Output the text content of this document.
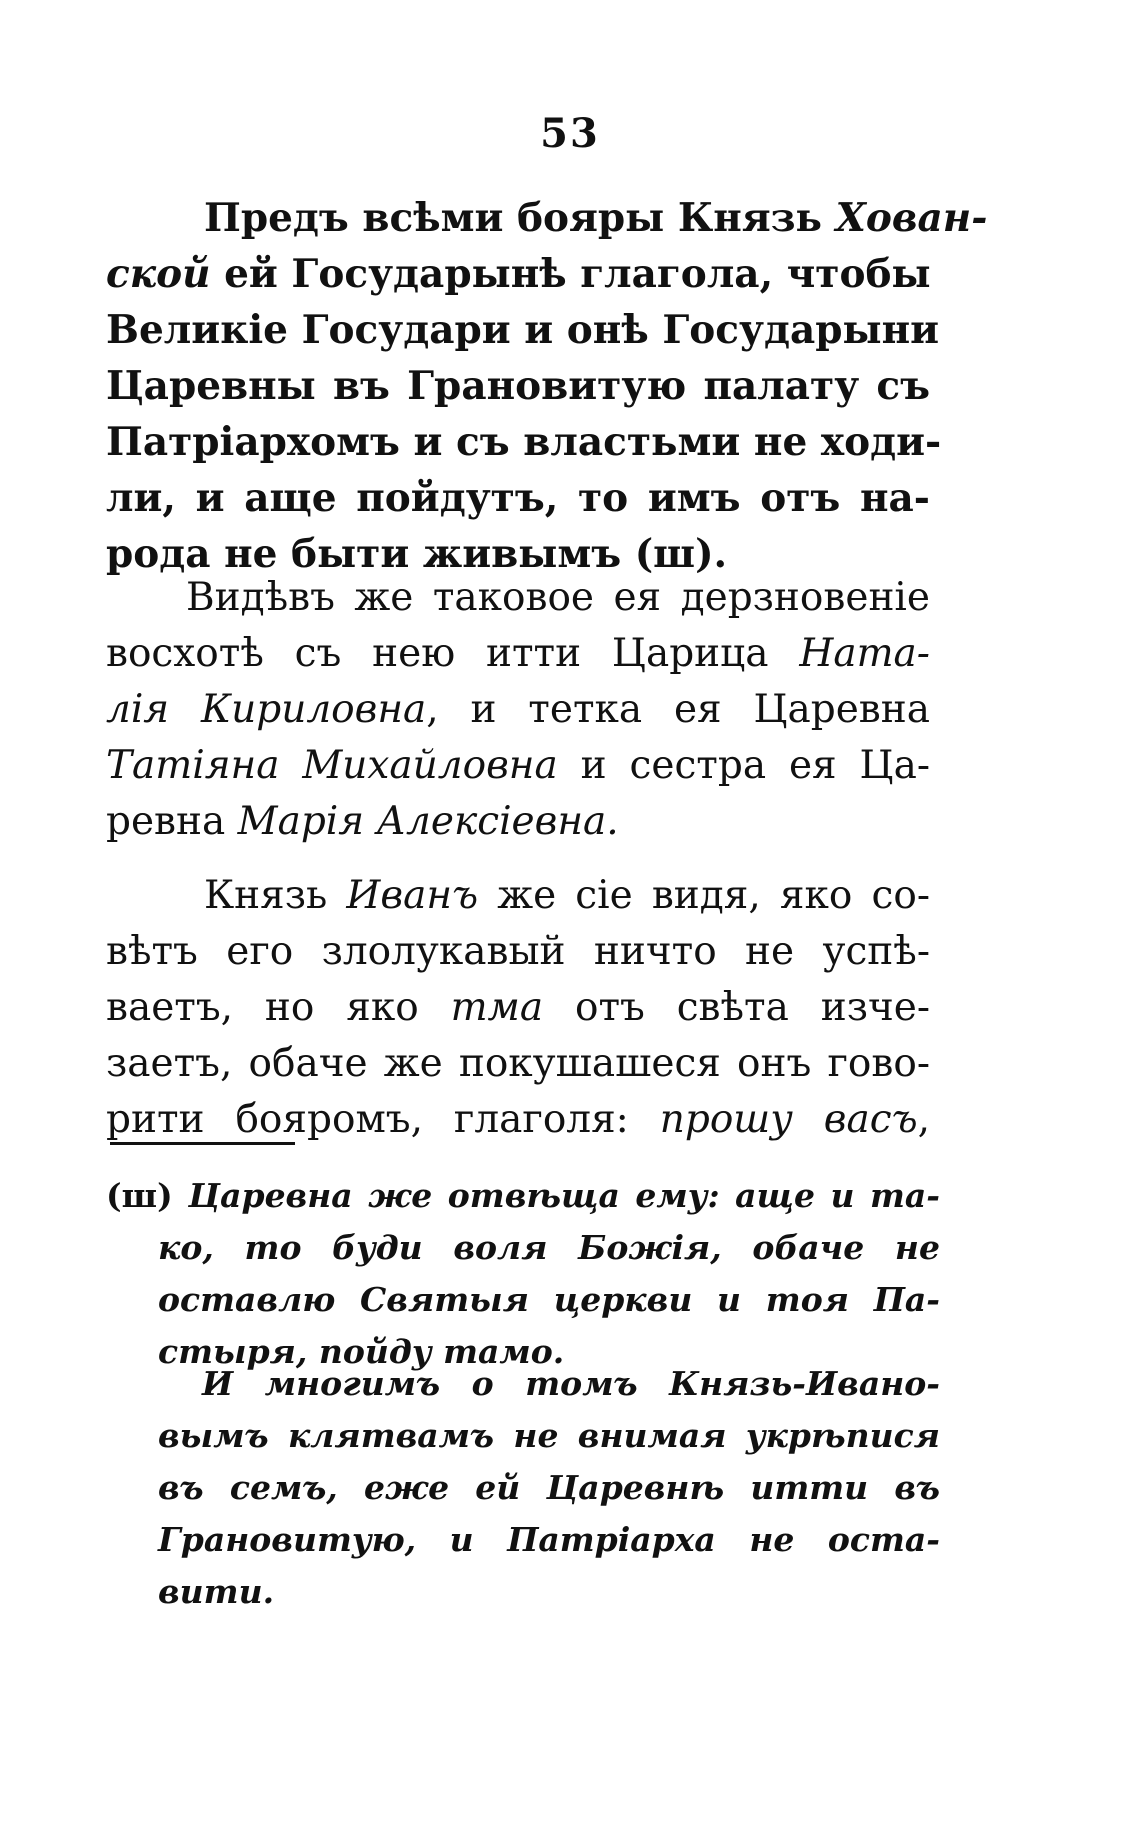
53
Предъ всѣми бояры Князь Хован-
ской ей Государынѣ глагола, чтобы
Великіе Государи и онѣ Государыни
Царевны въ Грановитую палату съ
Патріархомъ и съ властьми не ходи-
ли, и аще пойдутъ, то имъ отъ на-
рода не быти живымъ (ш).
Видѣвъ же таковое ея дерзновеніе
восхотѣ съ нею итти Царица Ната-
лія Кириловна, и тетка ея Царевна
Татіяна Михайловна и сестра ея Ца-
ревна Марія Алексіевна.
Князь Иванъ же сіе видя, яко со-
вѣтъ его злолукавый ничто не успѣ-
ваетъ, но яко тма отъ свѣта изче-
заетъ, обаче же покушашеся онъ гово-
рити бояромъ, глаголя: прошу васъ,
(ш) Царевна же отвѣща ему: аще и та-
ко, то буди воля Божія, обаче не
оставлю Святыя церкви и тоя Па-
стыря, пойду тамо.
И многимъ о томъ Князь-Иванo-
вымъ клятвамъ не внимая укрѣпися
въ семъ, еже ей Царевнѣ итти въ
Грановитую, и Патріарха не оста-
вити.
